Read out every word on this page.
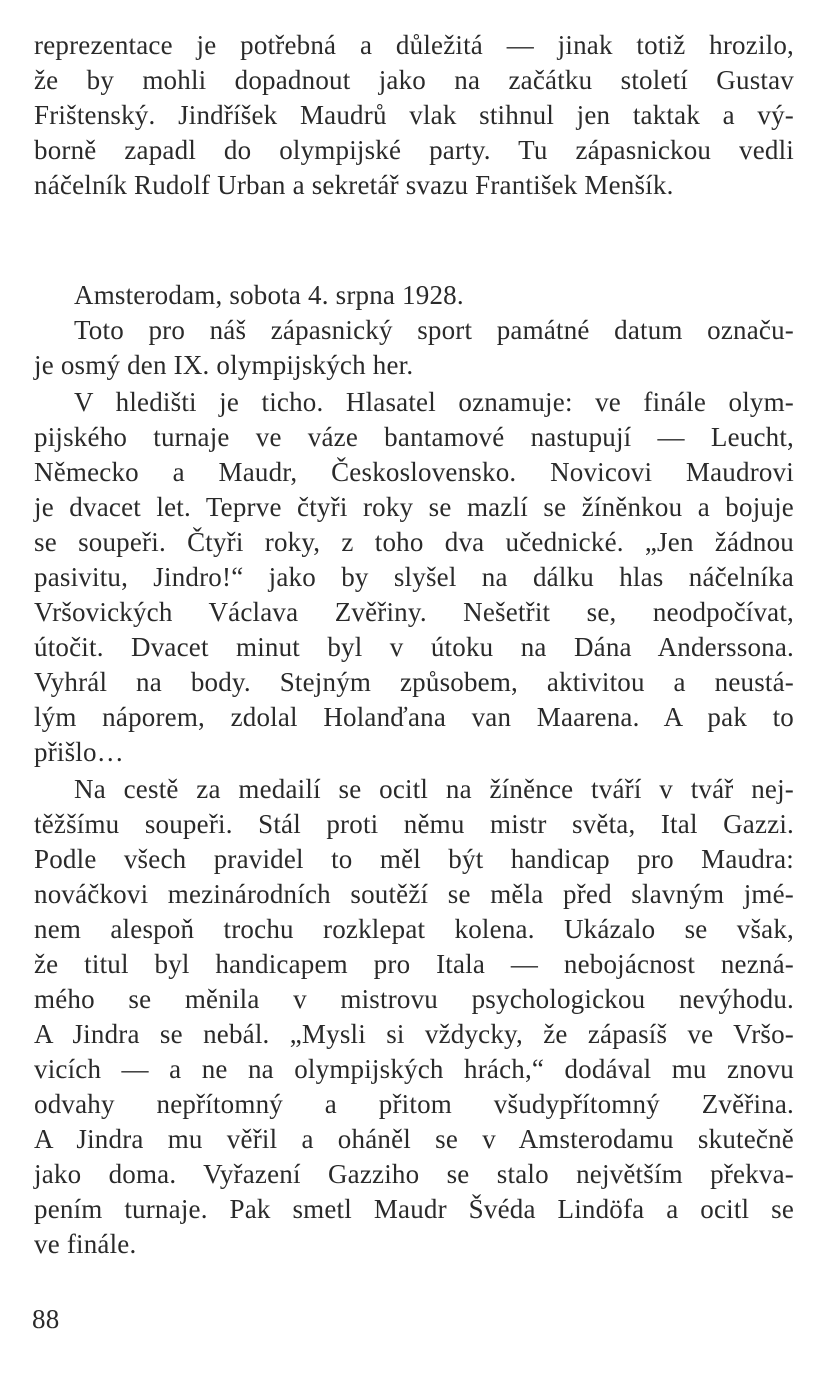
reprezentace je potřebná a důležitá — jinak totiž hrozilo,
že by mohli dopadnout jako na začátku století Gustav
Frištenský. Jindříšek Maudrů vlak stihnul jen taktak a vý-
borně zapadl do olympijské party. Tu zápasnickou vedli
náčelník Rudolf Urban a sekretář svazu František Menšík.
Amsterodam, sobota 4. srpna 1928.
Toto pro náš zápasnický sport památné datum označu-
je osmý den IX. olympijských her.
V hledišti je ticho. Hlasatel oznamuje: ve finále olym-
pijského turnaje ve váze bantamové nastupují — Leucht,
Německo a Maudr, Československo. Novicovi Maudrovi
je dvacet let. Teprve čtyři roky se mazlí se žíněnkou a bojuje
se soupeři. Čtyři roky, z toho dva učednické. „Jen žádnou
pasivitu, Jindro!“ jako by slyšel na dálku hlas náčelníka
Vršovických Václava Zvěřiny. Nešetřit se, neodpočívat,
útočit. Dvacet minut byl v útoku na Dána Anderssona.
Vyhrál na body. Stejným způsobem, aktivitou a neustá-
lým náporem, zdolal Holanďana van Maarena. A pak to
přišlo…
Na cestě za medailí se ocitl na žíněnce tváří v tvář nej-
těžšímu soupeři. Stál proti němu mistr světa, Ital Gazzi.
Podle všech pravidel to měl být handicap pro Maudra:
nováčkovi mezinárodních soutěží se měla před slavným jmé-
nem alespoň trochu rozklepat kolena. Ukázalo se však,
že titul byl handicapem pro Itala — nebojácnost nezná-
mého se měnila v mistrovu psychologickou nevýhodu.
A Jindra se nebál. „Mysli si vždycky, že zápasíš ve Vršo-
vicích — a ne na olympijských hrách,“ dodával mu znovu
odvahy nepřítomný a přitom všudypřítomný Zvěřina.
A Jindra mu věřil a oháněl se v Amsterodamu skutečně
jako doma. Vyřazení Gazziho se stalo největším překva-
pením turnaje. Pak smetl Maudr Švéda Lindöfa a ocitl se
ve finále.
88
